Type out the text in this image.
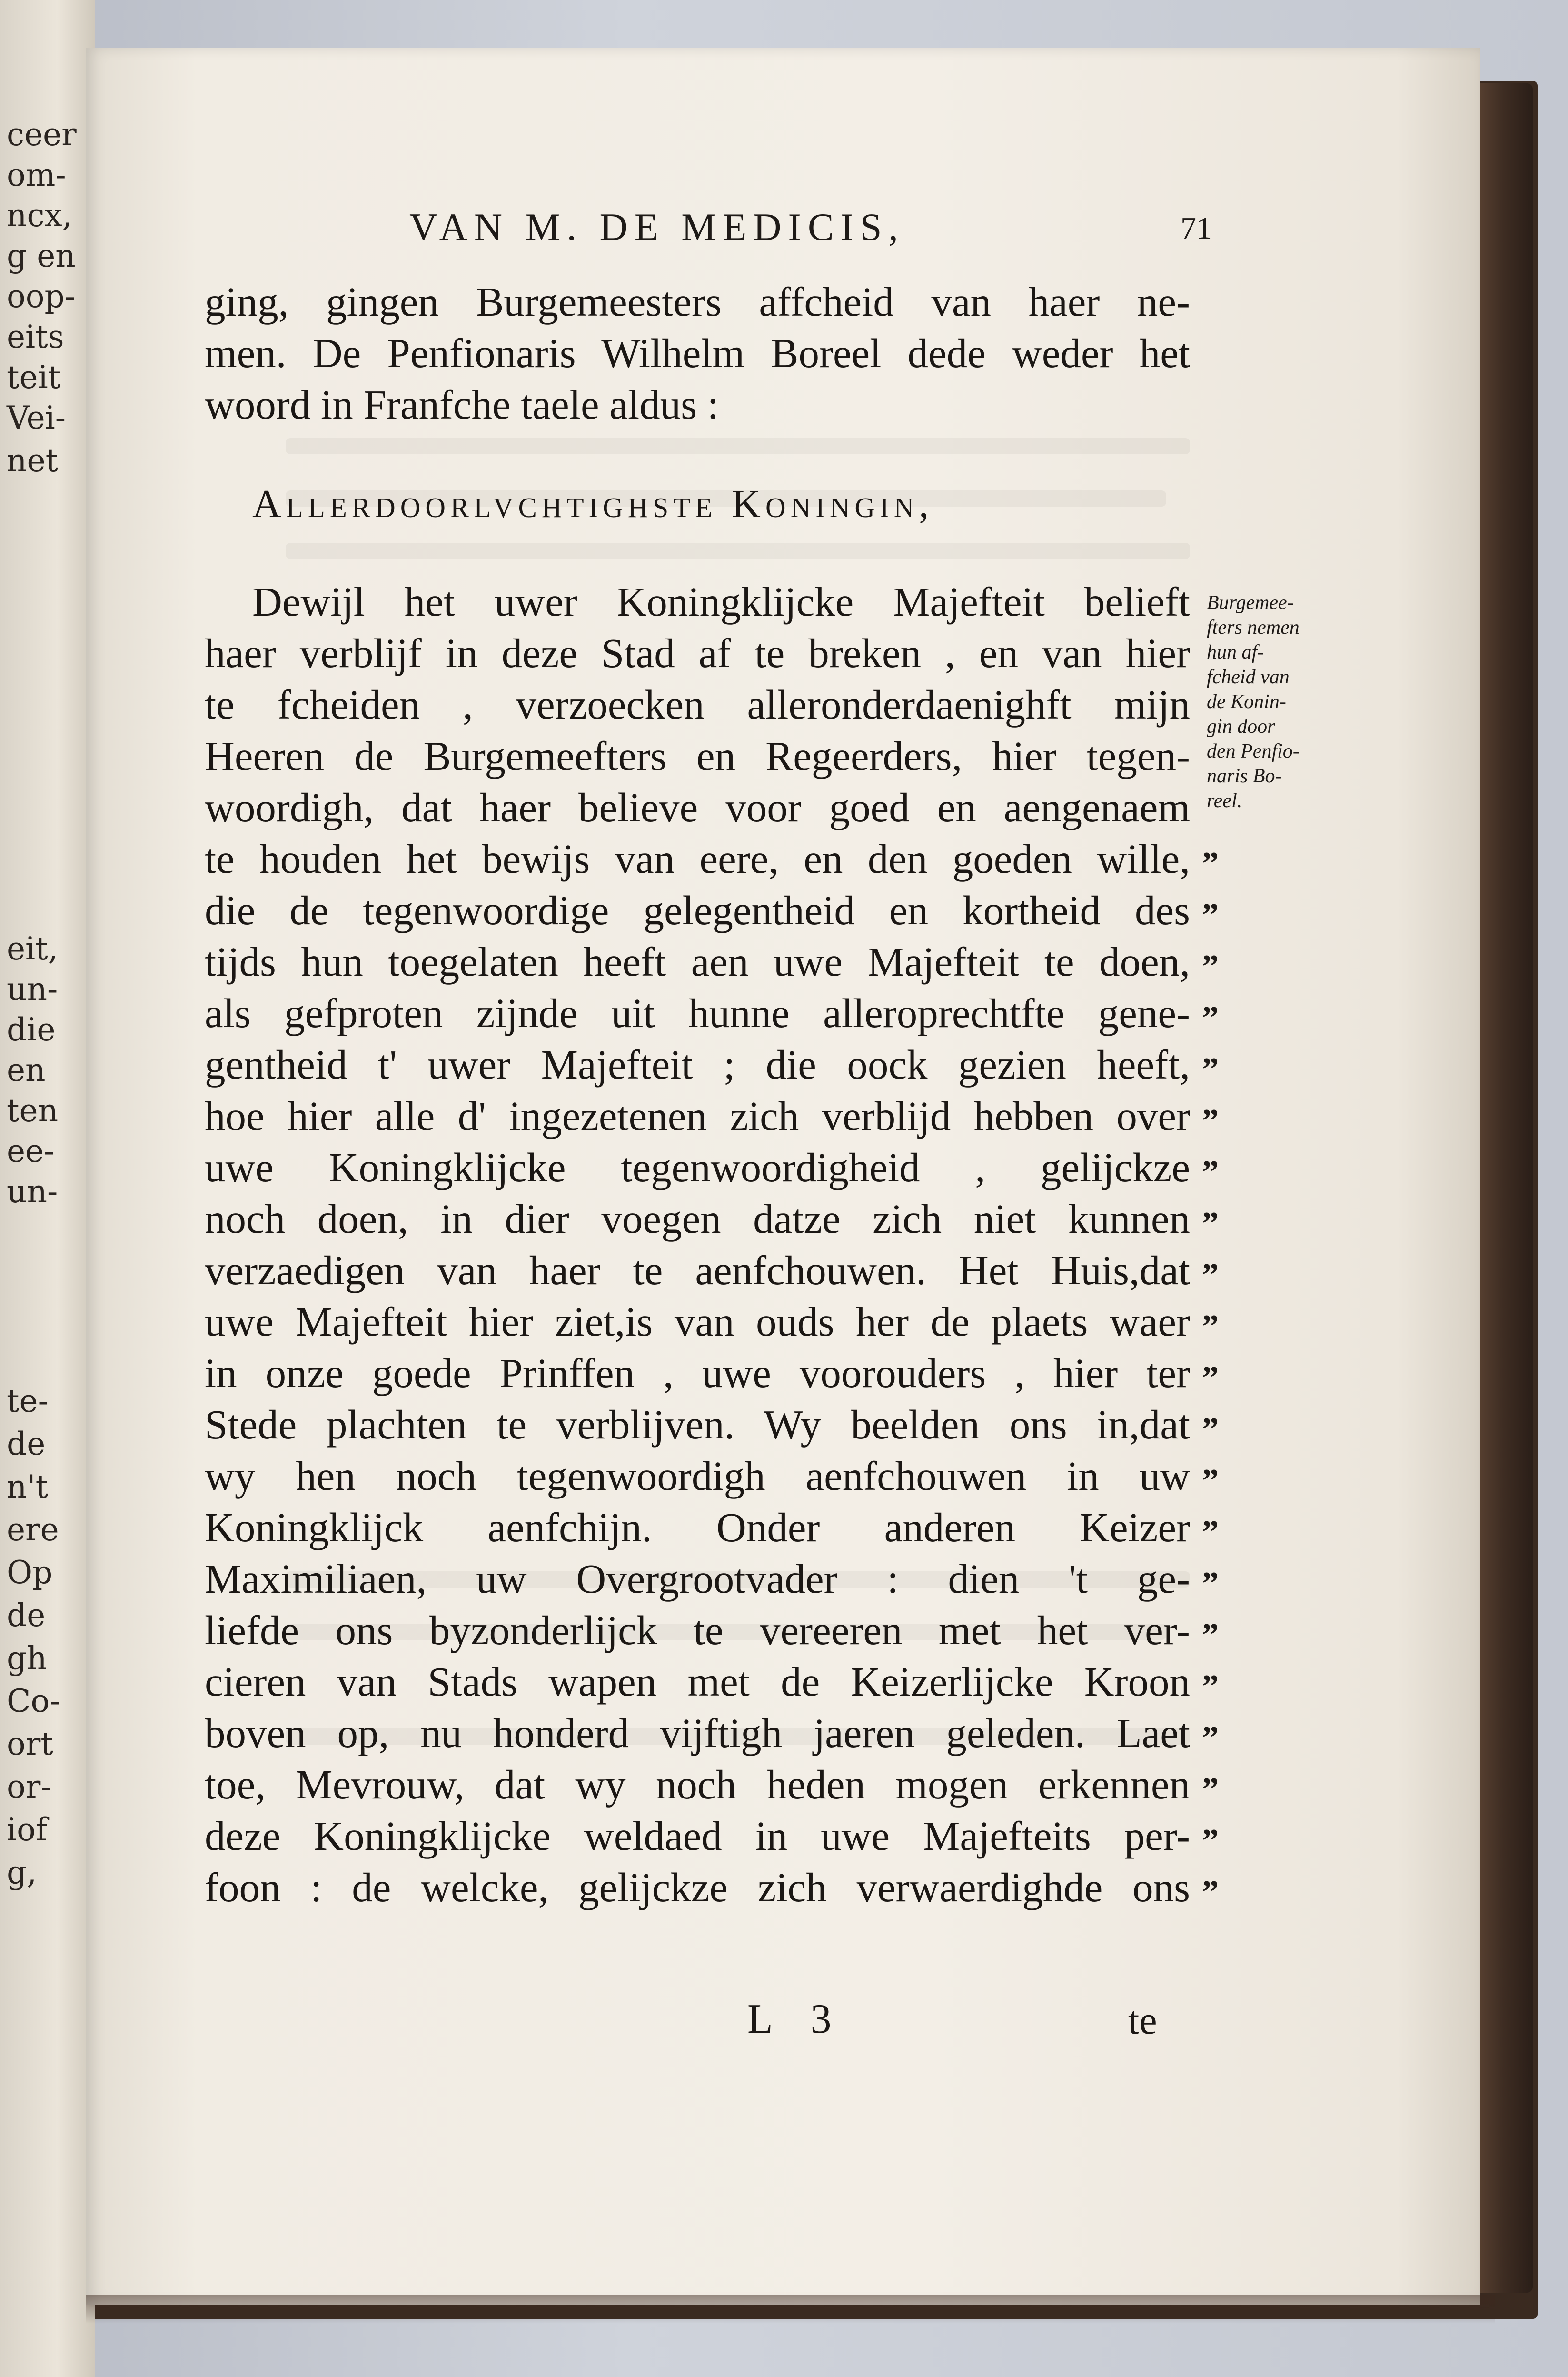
ceer
om-
ncx,
g en
oop-
eits
teit
Vei-
net
eit,
un-
die
en
ten
ee-
un-
te-
de
n't
ere
Op
de
gh
Co-
ort
or-
iof
g,
VAN M. DE MEDICIS,	71
ging, gingen Burgemeesters affcheid van haer ne-
men. De Penfionaris Wilhelm Boreel dede weder het
woord in Franfche taele aldus :
Allerdoorlvchtighste Koningin,
Dewijl het uwer Koningklijcke Majefteit belieft
haer verblijf in deze Stad af te breken , en van hier
te fcheiden , verzoecken alleronderdaenighft mijn
Heeren de Burgemeefters en Regeerders, hier tegen-
woordigh, dat haer believe voor goed en aengenaem
te houden het bewijs van eere, en den goeden wille,
die de tegenwoordige gelegentheid en kortheid des
tijds hun toegelaten heeft aen uwe Majefteit te doen,
als gefproten zijnde uit hunne alleroprechtfte gene-
gentheid t' uwer Majefteit ; die oock gezien heeft,
hoe hier alle d' ingezetenen zich verblijd hebben over
uwe Koningklijcke tegenwoordigheid , gelijckze
noch doen, in dier voegen datze zich niet kunnen
verzaedigen van haer te aenfchouwen. Het Huis,dat
uwe Majefteit hier ziet,is van ouds her de plaets waer
in onze goede Prinffen , uwe voorouders , hier ter
Stede plachten te verblijven. Wy beelden ons in,dat
wy hen noch tegenwoordigh aenfchouwen in uw
Koningklijck aenfchijn. Onder anderen Keizer
Maximiliaen, uw Overgrootvader : dien 't ge-
liefde ons byzonderlijck te vereeren met het ver-
cieren van Stads wapen met de Keizerlijcke Kroon
boven op, nu honderd vijftigh jaeren geleden. Laet
toe, Mevrouw, dat wy noch heden mogen erkennen
deze Koningklijcke weldaed in uwe Majefteits per-
foon : de welcke, gelijckze zich verwaerdighde ons
”
”
”
”
”
”
”
”
”
”
”
”
”
”
”
”
”
”
”
”
”
Burgemee-
fters nemen
hun af-
fcheid van
de Konin-
gin door
den Penfio-
naris Bo-
reel.
L 3	te
